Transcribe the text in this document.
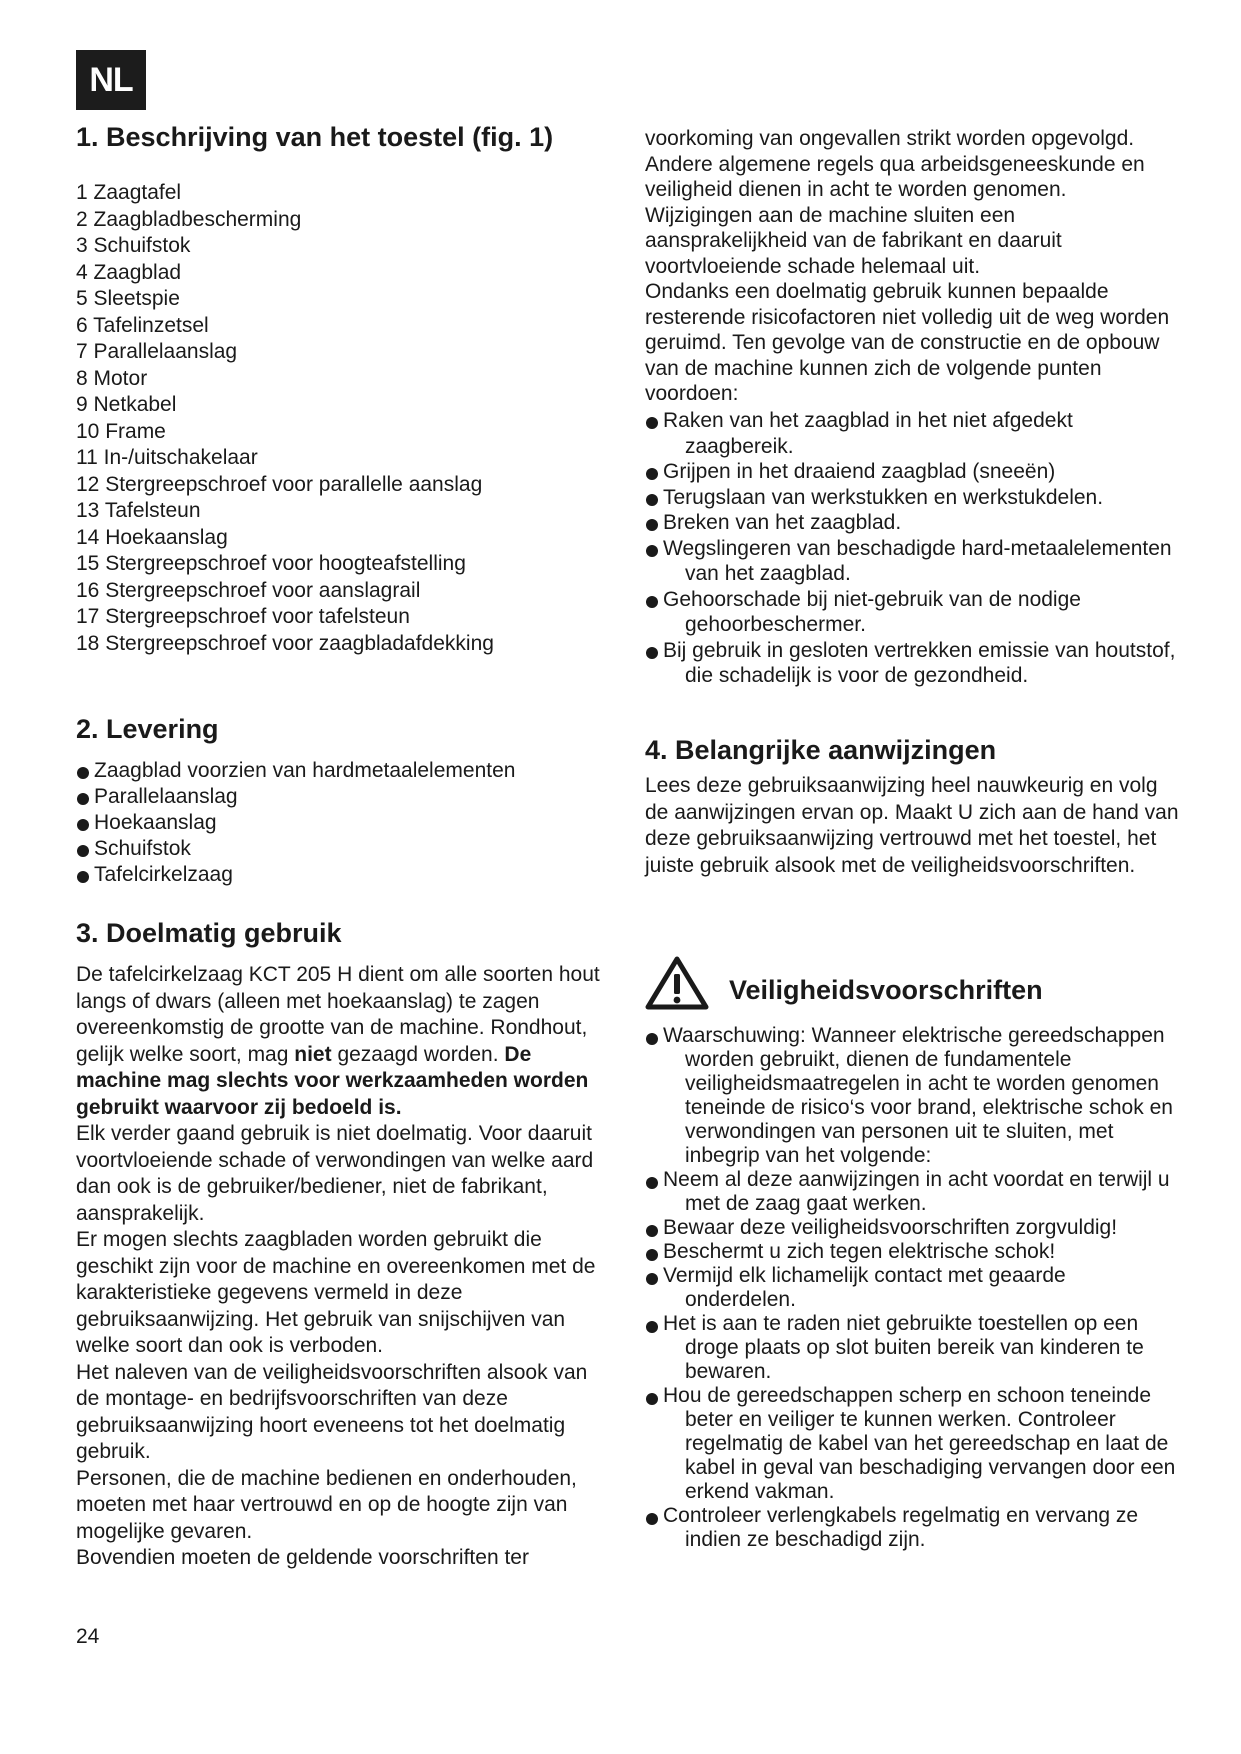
NL
1. Beschrijving van het toestel (fig. 1)
1 Zaagtafel
2 Zaagbladbescherming
3 Schuifstok
4 Zaagblad
5 Sleetspie
6 Tafelinzetsel
7 Parallelaanslag
8 Motor
9 Netkabel
10 Frame
11 In-/uitschakelaar
12 Stergreepschroef voor parallelle aanslag
13 Tafelsteun
14 Hoekaanslag
15 Stergreepschroef voor hoogteafstelling
16 Stergreepschroef voor aanslagrail
17 Stergreepschroef voor tafelsteun
18 Stergreepschroef voor zaagbladafdekking
2. Levering
Zaagblad voorzien van hardmetaalelementen
Parallelaanslag
Hoekaanslag
Schuifstok
Tafelcirkelzaag
3. Doelmatig gebruik

De tafelcirkelzaag KCT 205 H dient om alle soorten hout langs of dwars (alleen met hoekaanslag) te zagen overeenkomstig de grootte van de machine. Rondhout, gelijk welke soort, mag niet gezaagd worden. De machine mag slechts voor werkzaamheden worden gebruikt waarvoor zij bedoeld is.

Elk verder gaand gebruik is niet doelmatig. Voor daaruit voortvloeiende schade of verwondingen van welke aard dan ook is de gebruiker/bediener, niet de fabrikant, aansprakelijk.

Er mogen slechts zaagbladen worden gebruikt die geschikt zijn voor de machine en overeenkomen met de karakteristieke gegevens vermeld in deze gebruiksaanwijzing. Het gebruik van snijschijven van welke soort dan ook is verboden.

Het naleven van de veiligheidsvoorschriften alsook van de montage- en bedrijfsvoorschriften van deze gebruiksaanwijzing hoort eveneens tot het doelmatig gebruik.

Personen, die de machine bedienen en onderhouden, moeten met haar vertrouwd en op de hoogte zijn van mogelijke gevaren.

Bovendien moeten de geldende voorschriften ter

voorkoming van ongevallen strikt worden opgevolgd.

Andere algemene regels qua arbeidsgeneeskunde en veiligheid dienen in acht te worden genomen.

Wijzigingen aan de machine sluiten een aansprakelijkheid van de fabrikant en daaruit voortvloeiende schade helemaal uit.

Ondanks een doelmatig gebruik kunnen bepaalde resterende risicofactoren niet volledig uit de weg worden geruimd. Ten gevolge van de constructie en de opbouw van de machine kunnen zich de volgende punten voordoen:

Raken van het zaagblad in het niet afgedekt zaagbereik.
Grijpen in het draaiend zaagblad (sneeën)
Terugslaan van werkstukken en werkstukdelen.
Breken van het zaagblad.
Wegslingeren van beschadigde hard-metaalelementen van het zaagblad.
Gehoorschade bij niet-gebruik van de nodige gehoorbeschermer.
Bij gebruik in gesloten vertrekken emissie van houtstof, die schadelijk is voor de gezondheid.
4. Belangrijke aanwijzingen

Lees deze gebruiksaanwijzing heel nauwkeurig en volg de aanwijzingen ervan op. Maakt U zich aan de hand van deze gebruiksaanwijzing vertrouwd met het toestel, het juiste gebruik alsook met de veiligheidsvoorschriften.

Veiligheidsvoorschriften
Waarschuwing: Wanneer elektrische gereedschappen worden gebruikt, dienen de fundamentele veiligheidsmaatregelen in acht te worden genomen teneinde de risico‘s voor brand, elektrische schok en verwondingen van personen uit te sluiten, met inbegrip van het volgende:
Neem al deze aanwijzingen in acht voordat en terwijl u met de zaag gaat werken.
Bewaar deze veiligheidsvoorschriften zorgvuldig!
Beschermt u zich tegen elektrische schok!
Vermijd elk lichamelijk contact met geaarde onderdelen.
Het is aan te raden niet gebruikte toestellen op een droge plaats op slot buiten bereik van kinderen te bewaren.
Hou de gereedschappen scherp en schoon teneinde beter en veiliger te kunnen werken. Controleer regelmatig de kabel van het gereedschap en laat de kabel in geval van beschadiging vervangen door een erkend vakman.
Controleer verlengkabels regelmatig en vervang ze indien ze beschadigd zijn.
24
